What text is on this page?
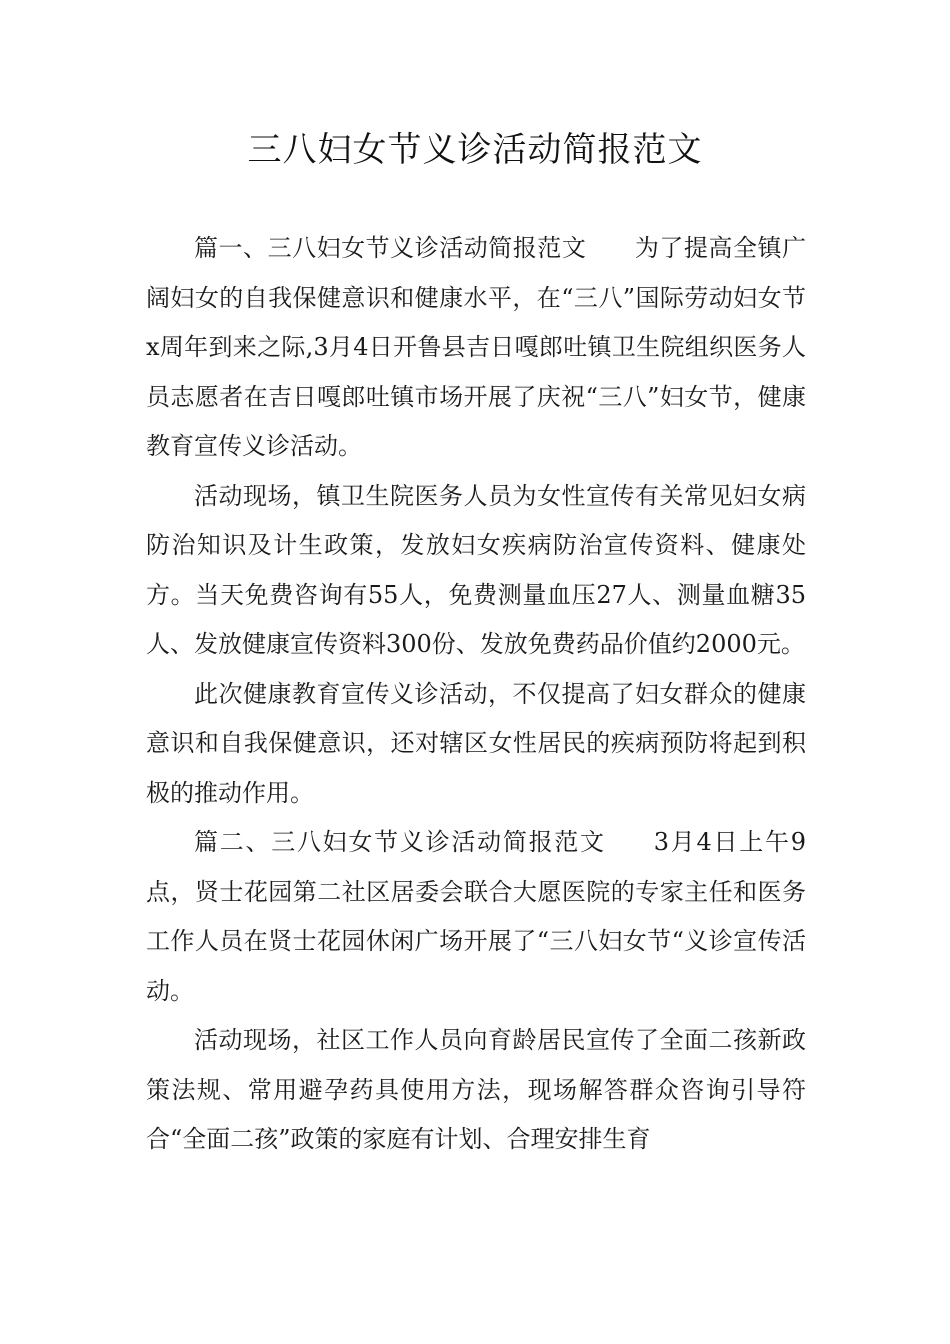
三八妇女节义诊活动简报范文

篇一、三八妇女节义诊活动简报范文 为了提高全镇广阔妇女的自我保健意识和健康水平，在“三八”国际劳动妇女节x周年到来之际,3月4日开鲁县吉日嘎郎吐镇卫生院组织医务人员志愿者在吉日嘎郎吐镇市场开展了庆祝“三八”妇女节，健康教育宣传义诊活动。

活动现场，镇卫生院医务人员为女性宣传有关常见妇女病防治知识及计生政策，发放妇女疾病防治宣传资料、健康处方。当天免费咨询有55人，免费测量血压27人、测量血糖35人、发放健康宣传资料300份、发放免费药品价值约2000元。

此次健康教育宣传义诊活动，不仅提高了妇女群众的健康意识和自我保健意识，还对辖区女性居民的疾病预防将起到积极的推动作用。

篇二、三八妇女节义诊活动简报范文 3月4日上午9点，贤士花园第二社区居委会联合大愿医院的专家主任和医务工作人员在贤士花园休闲广场开展了“三八妇女节“义诊宣传活动。

活动现场，社区工作人员向育龄居民宣传了全面二孩新政策法规、常用避孕药具使用方法，现场解答群众咨询引导符合“全面二孩”政策的家庭有计划、合理安排生育
